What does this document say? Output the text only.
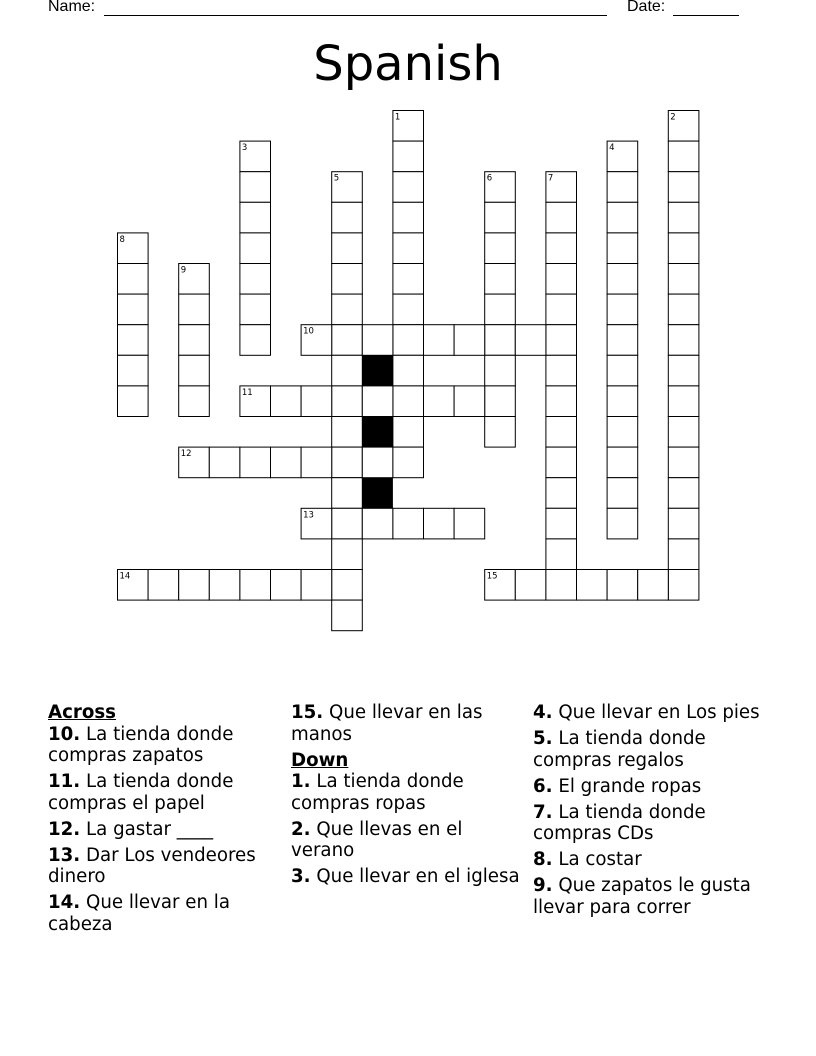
Name:	Date:
Spanish
1	2
3	4
5	6	7
8
9
10
11
12
13
14	15
Across
10. La tienda donde compras zapatos
11. La tienda donde compras el papel
12. La gastar ____
13. Dar Los vendeores dinero
14. Que llevar en la cabeza
15. Que llevar en las manos
Down
1. La tienda donde compras ropas
2. Que llevas en el verano
3. Que llevar en el iglesa
4. Que llevar en Los pies
5. La tienda donde compras regalos
6. El grande ropas
7. La tienda donde compras CDs
8. La costar
9. Que zapatos le gusta llevar para correr
